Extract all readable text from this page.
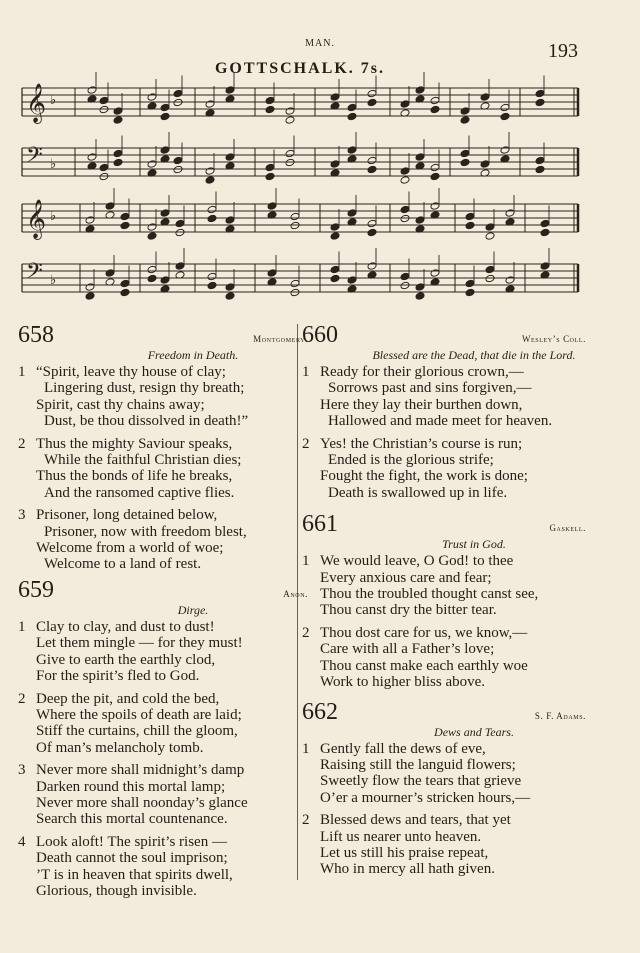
MAN.	193
GOTTSCHALK. 7s.
𝄞 ♭
𝄢 ♭
𝄞 ♭
𝄢 ♭
658	Montgomery.
Freedom in Death.
1 “Spirit, leave thy house of clay;
Lingering dust, resign thy breath;
Spirit, cast thy chains away;
Dust, be thou dissolved in death!”
2 Thus the mighty Saviour speaks,
While the faithful Christian dies;
Thus the bonds of life he breaks,
And the ransomed captive flies.
3 Prisoner, long detained below,
Prisoner, now with freedom blest,
Welcome from a world of woe;
Welcome to a land of rest.
659	Anon.
Dirge.
1 Clay to clay, and dust to dust!
Let them mingle — for they must!
Give to earth the earthly clod,
For the spirit’s fled to God.
2 Deep the pit, and cold the bed,
Where the spoils of death are laid;
Stiff the curtains, chill the gloom,
Of man’s melancholy tomb.
3 Never more shall midnight’s damp
Darken round this mortal lamp;
Never more shall noonday’s glance
Search this mortal countenance.
4 Look aloft! The spirit’s risen —
Death cannot the soul imprison;
’T is in heaven that spirits dwell,
Glorious, though invisible.
660	Wesley’s Coll.
Blessed are the Dead, that die in the Lord.
1 Ready for their glorious crown,—
Sorrows past and sins forgiven,—
Here they lay their burthen down,
Hallowed and made meet for heaven.
2 Yes! the Christian’s course is run;
Ended is the glorious strife;
Fought the fight, the work is done;
Death is swallowed up in life.
661	Gaskell.
Trust in God.
1 We would leave, O God! to thee
Every anxious care and fear;
Thou the troubled thought canst see,
Thou canst dry the bitter tear.
2 Thou dost care for us, we know,—
Care with all a Father’s love;
Thou canst make each earthly woe
Work to higher bliss above.
662	S. F. Adams.
Dews and Tears.
1 Gently fall the dews of eve,
Raising still the languid flowers;
Sweetly flow the tears that grieve
O’er a mourner’s stricken hours,—
2 Blessed dews and tears, that yet
Lift us nearer unto heaven.
Let us still his praise repeat,
Who in mercy all hath given.
